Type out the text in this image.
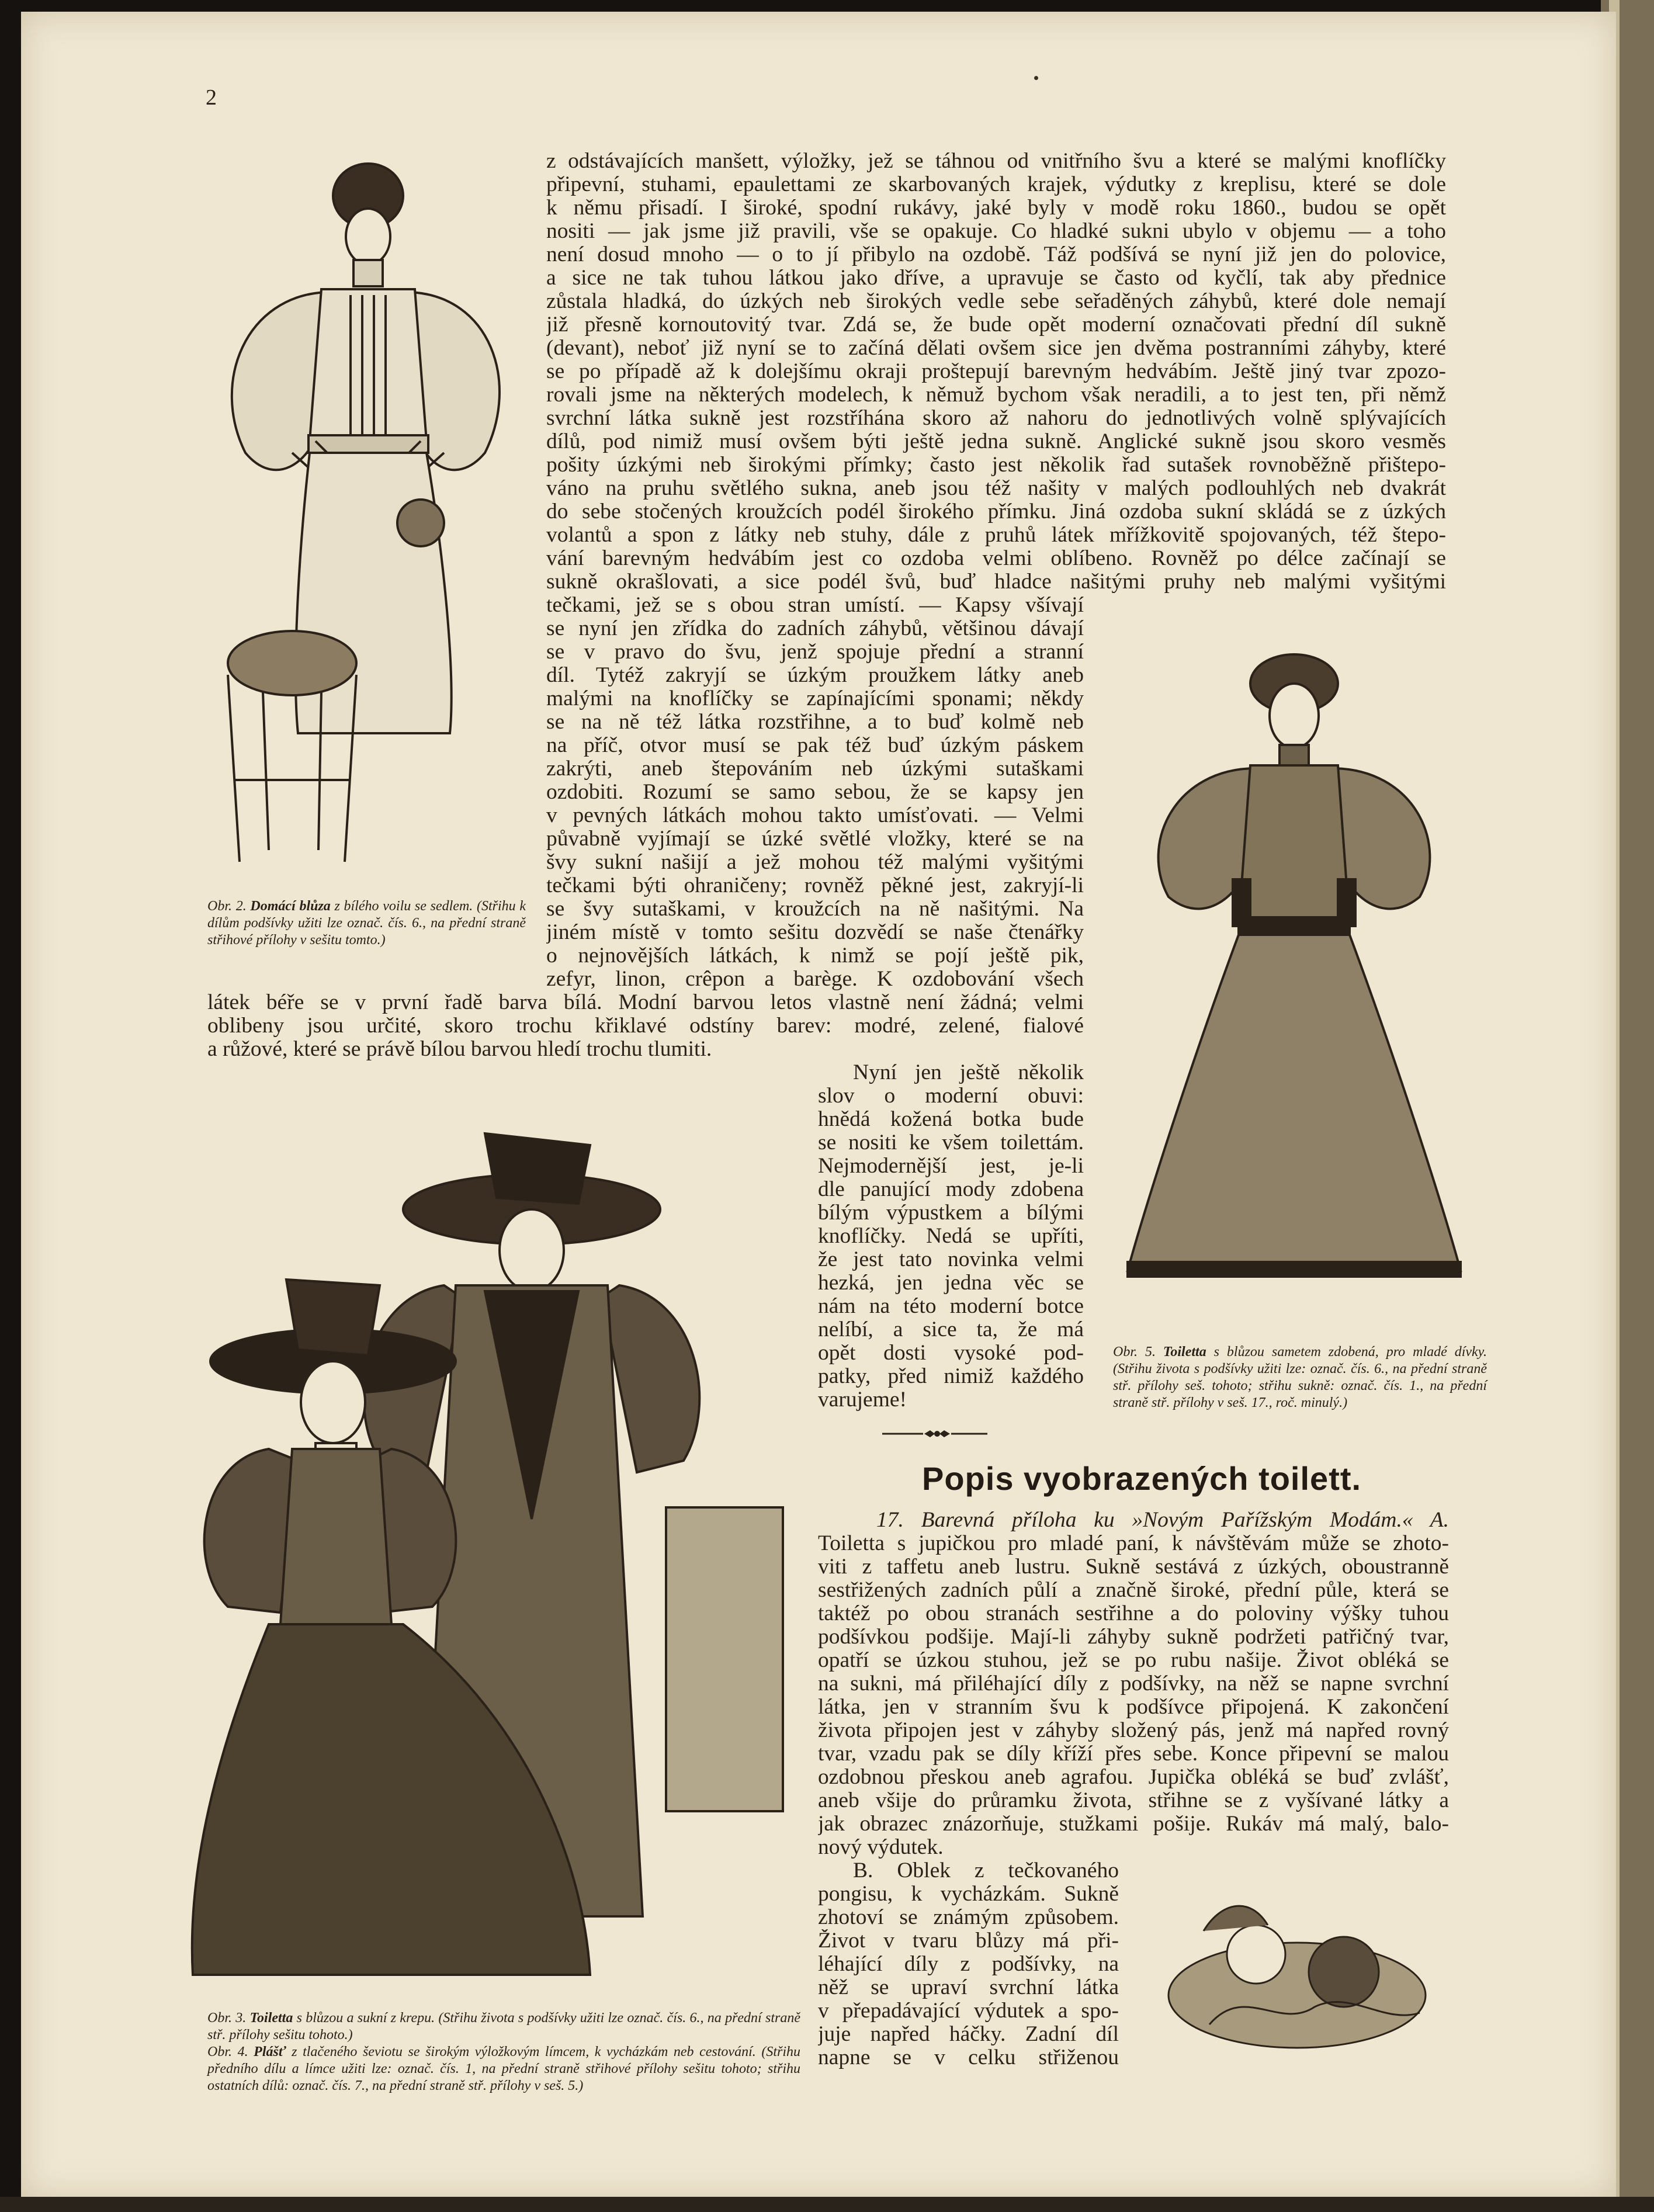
2
Obr. 2. Domácí blůza z bílého voilu se sedlem. (Střihu k dílům podšívky užiti lze označ. čís. 6., na přední straně střihové přílohy v sešitu tomto.)
z odstávajících manšett, výložky, jež se táhnou od vnitřního švu a které se malými knoflíčky
připevní, stuhami, epaulettami ze skarbovaných krajek, výdutky z kreplisu, které se dole
k němu přisadí. I široké, spodní rukávy, jaké byly v modě roku 1860., budou se opět
nositi — jak jsme již pravili, vše se opakuje. Co hladké sukni ubylo v objemu — a toho
není dosud mnoho — o to jí přibylo na ozdobě. Táž podšívá se nyní již jen do polovice,
a sice ne tak tuhou látkou jako dříve, a upravuje se často od kyčlí, tak aby přednice
zůstala hladká, do úzkých neb širokých vedle sebe seřaděných záhybů, které dole nemají
již přesně kornoutovitý tvar. Zdá se, že bude opět moderní označovati přední díl sukně
(devant), neboť již nyní se to začíná dělati ovšem sice jen dvěma postranními záhyby, které
se po případě až k dolejšímu okraji proštepují barevným hedvábím. Ještě jiný tvar zpozo-
rovali jsme na některých modelech, k němuž bychom však neradili, a to jest ten, při němž
svrchní látka sukně jest rozstříhána skoro až nahoru do jednotlivých volně splývajících
dílů, pod nimiž musí ovšem býti ještě jedna sukně. Anglické sukně jsou skoro vesměs
pošity úzkými neb širokými přímky; často jest několik řad sutašek rovnoběžně přištepo-
váno na pruhu světlého sukna, aneb jsou též našity v malých podlouhlých neb dvakrát
do sebe stočených kroužcích podél širokého přímku. Jiná ozdoba sukní skládá se z úzkých
volantů a spon z látky neb stuhy, dále z pruhů látek mřížkovitě spojovaných, též štepo-
vání barevným hedvábím jest co ozdoba velmi oblíbeno. Rovněž po délce začínají se
sukně okrašlovati, a sice podél švů, buď hladce našitými pruhy neb malými vyšitými
tečkami, jež se s obou stran umístí. — Kapsy všívají
se nyní jen zřídka do zadních záhybů, většinou dávají
se v pravo do švu, jenž spojuje přední a stranní
díl. Tytéž zakryjí se úzkým proužkem látky aneb
malými na knoflíčky se zapínajícími sponami; někdy
se na ně též látka rozstřihne, a to buď kolmě neb
na příč, otvor musí se pak též buď úzkým páskem
zakrýti, aneb štepováním neb úzkými sutaškami
ozdobiti. Rozumí se samo sebou, že se kapsy jen
v pevných látkách mohou takto umísťovati. — Velmi
půvabně vyjímají se úzké světlé vložky, které se na
švy sukní našijí a jež mohou též malými vyšitými
tečkami býti ohraničeny; rovněž pěkné jest, zakryjí-li
se švy sutaškami, v kroužcích na ně našitými. Na
jiném místě v tomto sešitu dozvědí se naše čtenářky
o nejnovějších látkách, k nimž se pojí ještě pik,
zefyr, linon, crêpon a barège. K ozdobování všech
látek béře se v první řadě barva bílá. Modní barvou letos vlastně není žádná; velmi
oblibeny jsou určité, skoro trochu křiklavé odstíny barev: modré, zelené, fialové
a růžové, které se právě bílou barvou hledí trochu tlumiti.
Nyní jen ještě několik
slov o moderní obuvi:
hnědá kožená botka bude
se nositi ke všem toilettám.
Nejmodernější jest, je-li
dle panující mody zdobena
bílým výpustkem a bílými
knoflíčky. Nedá se upříti,
že jest tato novinka velmi
hezká, jen jedna věc se
nám na této moderní botce
nelíbí, a sice ta, že má
opět dosti vysoké pod-
patky, před nimiž každého
varujeme!
Obr. 5. Toiletta s blůzou sametem zdobená, pro mladé dívky. (Střihu života s podšívky užiti lze: označ. čís. 6., na přední straně stř. přílohy seš. tohoto; střihu sukně: označ. čís. 1., na přední straně stř. přílohy v seš. 17., roč. minulý.)
Popis vyobrazených toilett.
17. Barevná příloha ku »Novým Pařížským Modám.« A.
Toiletta s jupičkou pro mladé paní, k návštěvám může se zhoto-
viti z taffetu aneb lustru. Sukně sestává z úzkých, oboustranně
sestřižených zadních půlí a značně široké, přední půle, která se
taktéž po obou stranách sestřihne a do poloviny výšky tuhou
podšívkou podšije. Mají-li záhyby sukně podržeti patřičný tvar,
opatří se úzkou stuhou, jež se po rubu našije. Život obléká se
na sukni, má přiléhající díly z podšívky, na něž se napne svrchní
látka, jen v stranním švu k podšívce připojená. K zakončení
života připojen jest v záhyby složený pás, jenž má napřed rovný
tvar, vzadu pak se díly kříží přes sebe. Konce připevní se malou
ozdobnou přeskou aneb agrafou. Jupička obléká se buď zvlášť,
aneb všije do průramku života, střihne se z vyšívané látky a
jak obrazec znázorňuje, stužkami pošije. Rukáv má malý, balo-
nový výdutek.
B. Oblek z tečkovaného
pongisu, k vycházkám. Sukně
zhotoví se známým způsobem.
Život v tvaru blůzy má při-
léhající díly z podšívky, na
něž se upraví svrchní látka
v přepadávající výdutek a spo-
juje napřed háčky. Zadní díl
napne se v celku střiženou
Obr. 3. Toiletta s blůzou a sukní z krepu. (Střihu života s podšívky užiti lze označ. čís. 6., na přední straně stř. přílohy sešitu tohoto.)
Obr. 4. Plášť z tlačeného ševiotu se širokým výložkovým límcem, k vycházkám neb cestování. (Střihu předního dílu a límce užiti lze: označ. čís. 1, na přední straně střihové přílohy sešitu tohoto; střihu ostatních dílů: označ. čís. 7., na přední straně stř. přílohy v seš. 5.)
